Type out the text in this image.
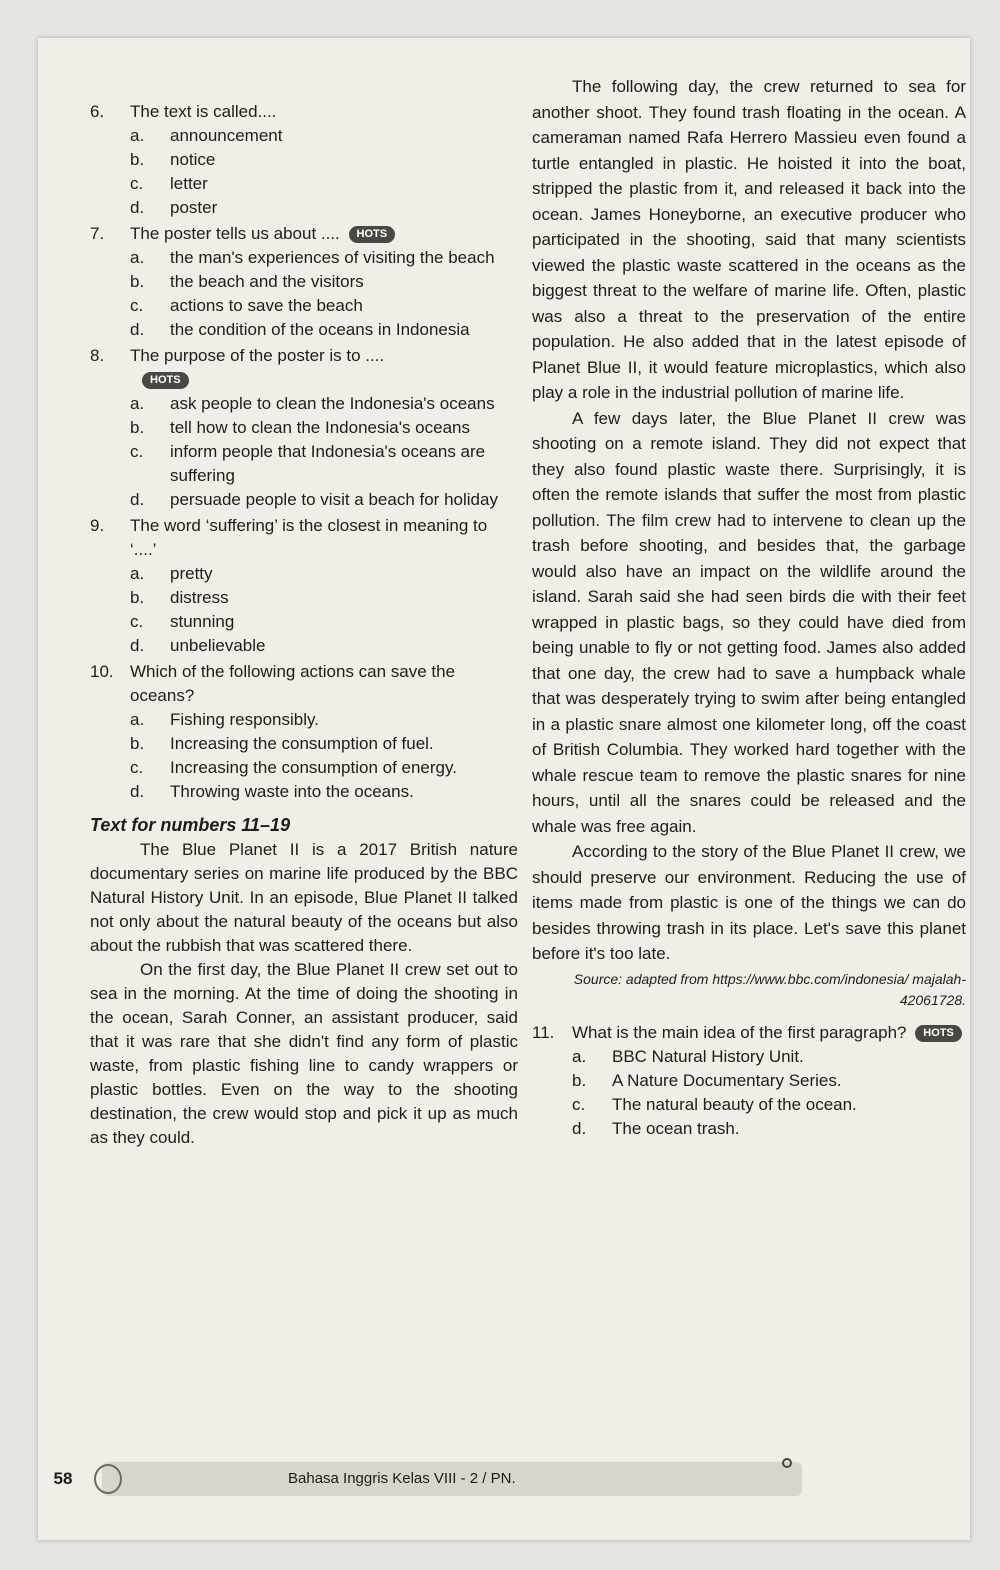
6.	The text is called....
a.	announcement
b.	notice
c.	letter
d.	poster
7.	The poster tells us about .... HOTS
a.	the man's experiences of visiting the beach
b.	the beach and the visitors
c.	actions to save the beach
d.	the condition of the oceans in Indonesia
8.	The purpose of the poster is to ....
HOTS
a.	ask people to clean the Indonesia's oceans
b.	tell how to clean the Indonesia's oceans
c.	inform people that Indonesia's oceans are suffering
d.	persuade people to visit a beach for holiday
9.	The word ‘suffering’ is the closest in meaning to ‘....’
a.	pretty
b.	distress
c.	stunning
d.	unbelievable
10. Which of the following actions can save the oceans?
a.	Fishing responsibly.
b.	Increasing the consumption of fuel.
c.	Increasing the consumption of energy.
d.	Throwing waste into the oceans.
Text for numbers 11–19

The Blue Planet II is a 2017 British nature documentary series on marine life produced by the BBC Natural History Unit. In an episode, Blue Planet II talked not only about the natural beauty of the oceans but also about the rubbish that was scattered there.

On the first day, the Blue Planet II crew set out to sea in the morning. At the time of doing the shooting in the ocean, Sarah Conner, an assistant producer, said that it was rare that she didn't find any form of plastic waste, from plastic fishing line to candy wrappers or plastic bottles. Even on the way to the shooting destination, the crew would stop and pick it up as much as they could.

The following day, the crew returned to sea for another shoot. They found trash floating in the ocean. A cameraman named Rafa Herrero Massieu even found a turtle entangled in plastic. He hoisted it into the boat, stripped the plastic from it, and released it back into the ocean. James Honeyborne, an executive producer who participated in the shooting, said that many scientists viewed the plastic waste scattered in the oceans as the biggest threat to the welfare of marine life. Often, plastic was also a threat to the preservation of the entire population. He also added that in the latest episode of Planet Blue II, it would feature microplastics, which also play a role in the industrial pollution of marine life.

A few days later, the Blue Planet II crew was shooting on a remote island. They did not expect that they also found plastic waste there. Surprisingly, it is often the remote islands that suffer the most from plastic pollution. The film crew had to intervene to clean up the trash before shooting, and besides that, the garbage would also have an impact on the wildlife around the island. Sarah said she had seen birds die with their feet wrapped in plastic bags, so they could have died from being unable to fly or not getting food. James also added that one day, the crew had to save a humpback whale that was desperately trying to swim after being entangled in a plastic snare almost one kilometer long, off the coast of British Columbia. They worked hard together with the whale rescue team to remove the plastic snares for nine hours, until all the snares could be released and the whale was free again.

According to the story of the Blue Planet II crew, we should preserve our environment. Reducing the use of items made from plastic is one of the things we can do besides throwing trash in its place. Let's save this planet before it's too late.

Source: adapted from https://www.bbc.com/indonesia/ majalah-42061728.
11.	What is the main idea of the first paragraph? HOTS
a.	BBC Natural History Unit.
b.	A Nature Documentary Series.
c.	The natural beauty of the ocean.
d.	The ocean trash.
58	Bahasa Inggris Kelas VIII - 2 / PN.
